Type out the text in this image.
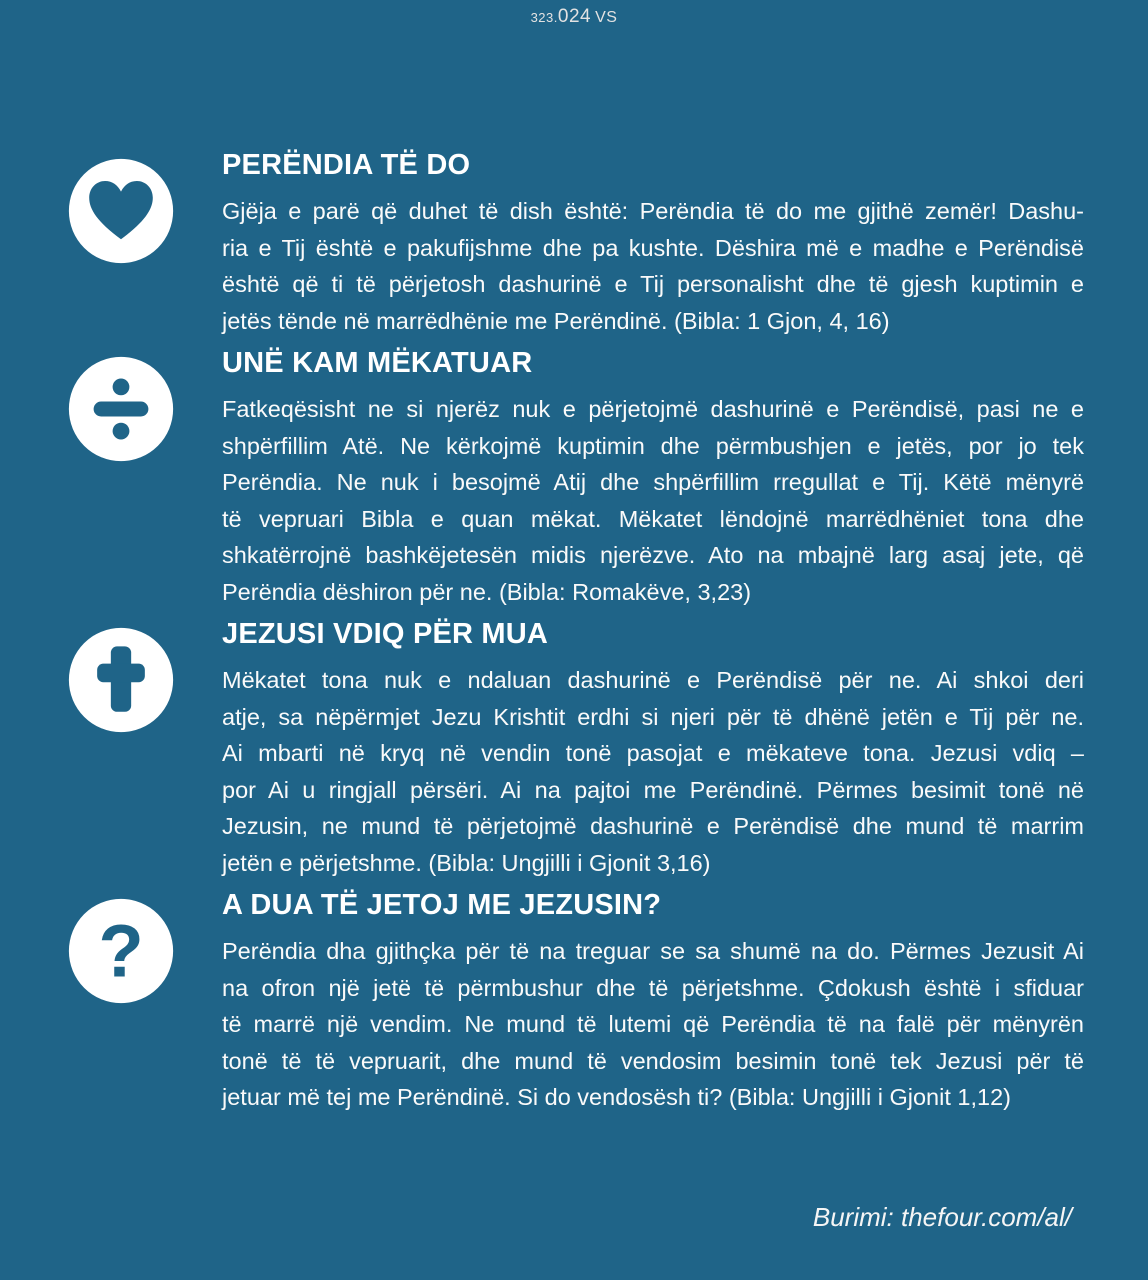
323.024 VS
PERËNDIA TË DO
Gjëja e parë që duhet të dish është: Perëndia të do me gjithë zemër! Dashu-
ria e Tij është e pakufijshme dhe pa kushte. Dëshira më e madhe e Perëndisë
është që ti të përjetosh dashurinë e Tij personalisht dhe të gjesh kuptimin e
jetës tënde në marrëdhënie me Perëndinë. (Bibla: 1 Gjon, 4, 16)
UNË KAM MËKATUAR
Fatkeqësisht ne si njerëz nuk e përjetojmë dashurinë e Perëndisë, pasi ne e
shpërfillim Atë. Ne kërkojmë kuptimin dhe përmbushjen e jetës, por jo tek
Perëndia. Ne nuk i besojmë Atij dhe shpërfillim rregullat e Tij. Këtë mënyrë
të vepruari Bibla e quan mëkat. Mëkatet lëndojnë marrëdhëniet tona dhe
shkatërrojnë bashkëjetesën midis njerëzve. Ato na mbajnë larg asaj jete, që
Perëndia dëshiron për ne. (Bibla: Romakëve, 3,23)
JEZUSI VDIQ PËR MUA
Mëkatet tona nuk e ndaluan dashurinë e Perëndisë për ne. Ai shkoi deri
atje, sa nëpërmjet Jezu Krishtit erdhi si njeri për të dhënë jetën e Tij për ne.
Ai mbarti në kryq në vendin tonë pasojat e mëkateve tona. Jezusi vdiq –
por Ai u ringjall përsëri. Ai na pajtoi me Perëndinë. Përmes besimit tonë në
Jezusin, ne mund të përjetojmë dashurinë e Perëndisë dhe mund të marrim
jetën e përjetshme. (Bibla: Ungjilli i Gjonit 3,16)
?
A DUA TË JETOJ ME JEZUSIN?
Perëndia dha gjithçka për të na treguar se sa shumë na do. Përmes Jezusit Ai
na ofron një jetë të përmbushur dhe të përjetshme. Çdokush është i sfiduar
të marrë një vendim. Ne mund të lutemi që Perëndia të na falë për mënyrën
tonë të të vepruarit, dhe mund të vendosim besimin tonë tek Jezusi për të
jetuar më tej me Perëndinë. Si do vendosësh ti? (Bibla: Ungjilli i Gjonit 1,12)
Burimi: thefour.com/al/
